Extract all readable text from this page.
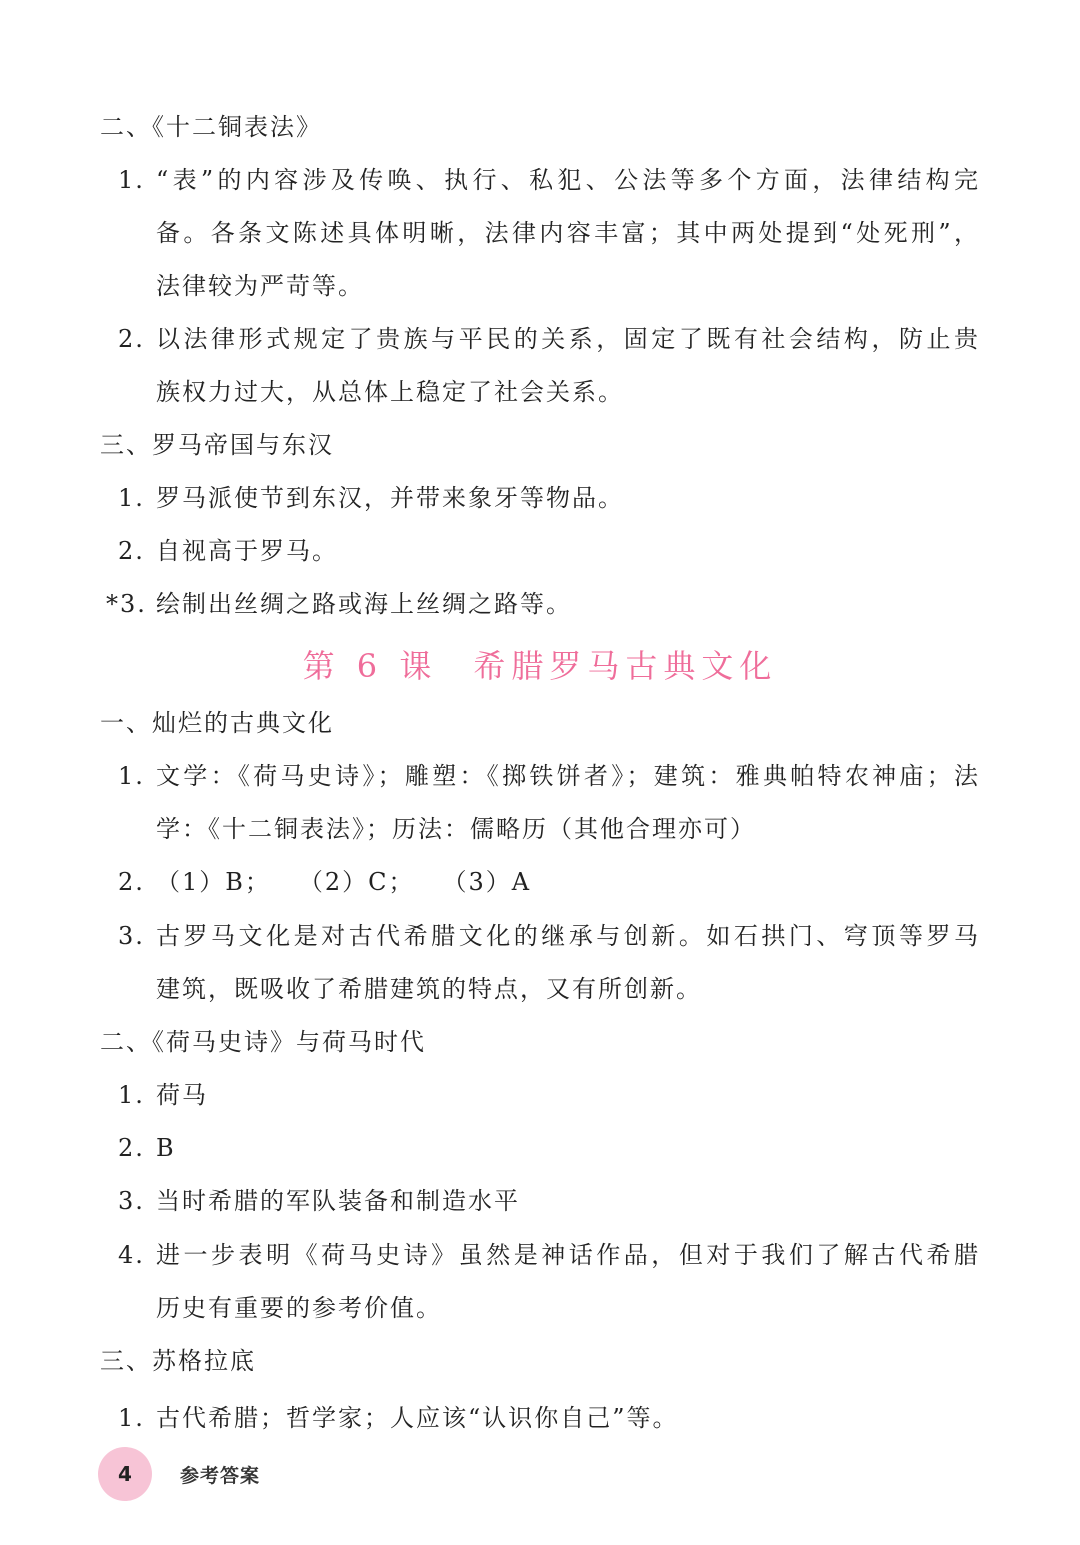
二、《十二铜表法》
1. “表”的内容涉及传唤、执行、私犯、公法等多个方面，法律结构完
备。各条文陈述具体明晰，法律内容丰富；其中两处提到“处死刑”，
法律较为严苛等。
2. 以法律形式规定了贵族与平民的关系，固定了既有社会结构，防止贵
族权力过大，从总体上稳定了社会关系。
三、罗马帝国与东汉
1. 罗马派使节到东汉，并带来象牙等物品。
2. 自视高于罗马。
*3. 绘制出丝绸之路或海上丝绸之路等。
第 6 课 希腊罗马古典文化
一、灿烂的古典文化
1. 文学：《荷马史诗》；雕塑：《掷铁饼者》；建筑：雅典帕特农神庙；法
学：《十二铜表法》；历法：儒略历（其他合理亦可）
2. （1）B；　　（2）C；　　（3）A
3. 古罗马文化是对古代希腊文化的继承与创新。如石拱门、穹顶等罗马
建筑，既吸收了希腊建筑的特点，又有所创新。
二、《荷马史诗》与荷马时代
1. 荷马
2. B
3. 当时希腊的军队装备和制造水平
4. 进一步表明《荷马史诗》虽然是神话作品，但对于我们了解古代希腊
历史有重要的参考价值。
三、苏格拉底
1. 古代希腊；哲学家；人应该“认识你自己”等。
4	参考答案
